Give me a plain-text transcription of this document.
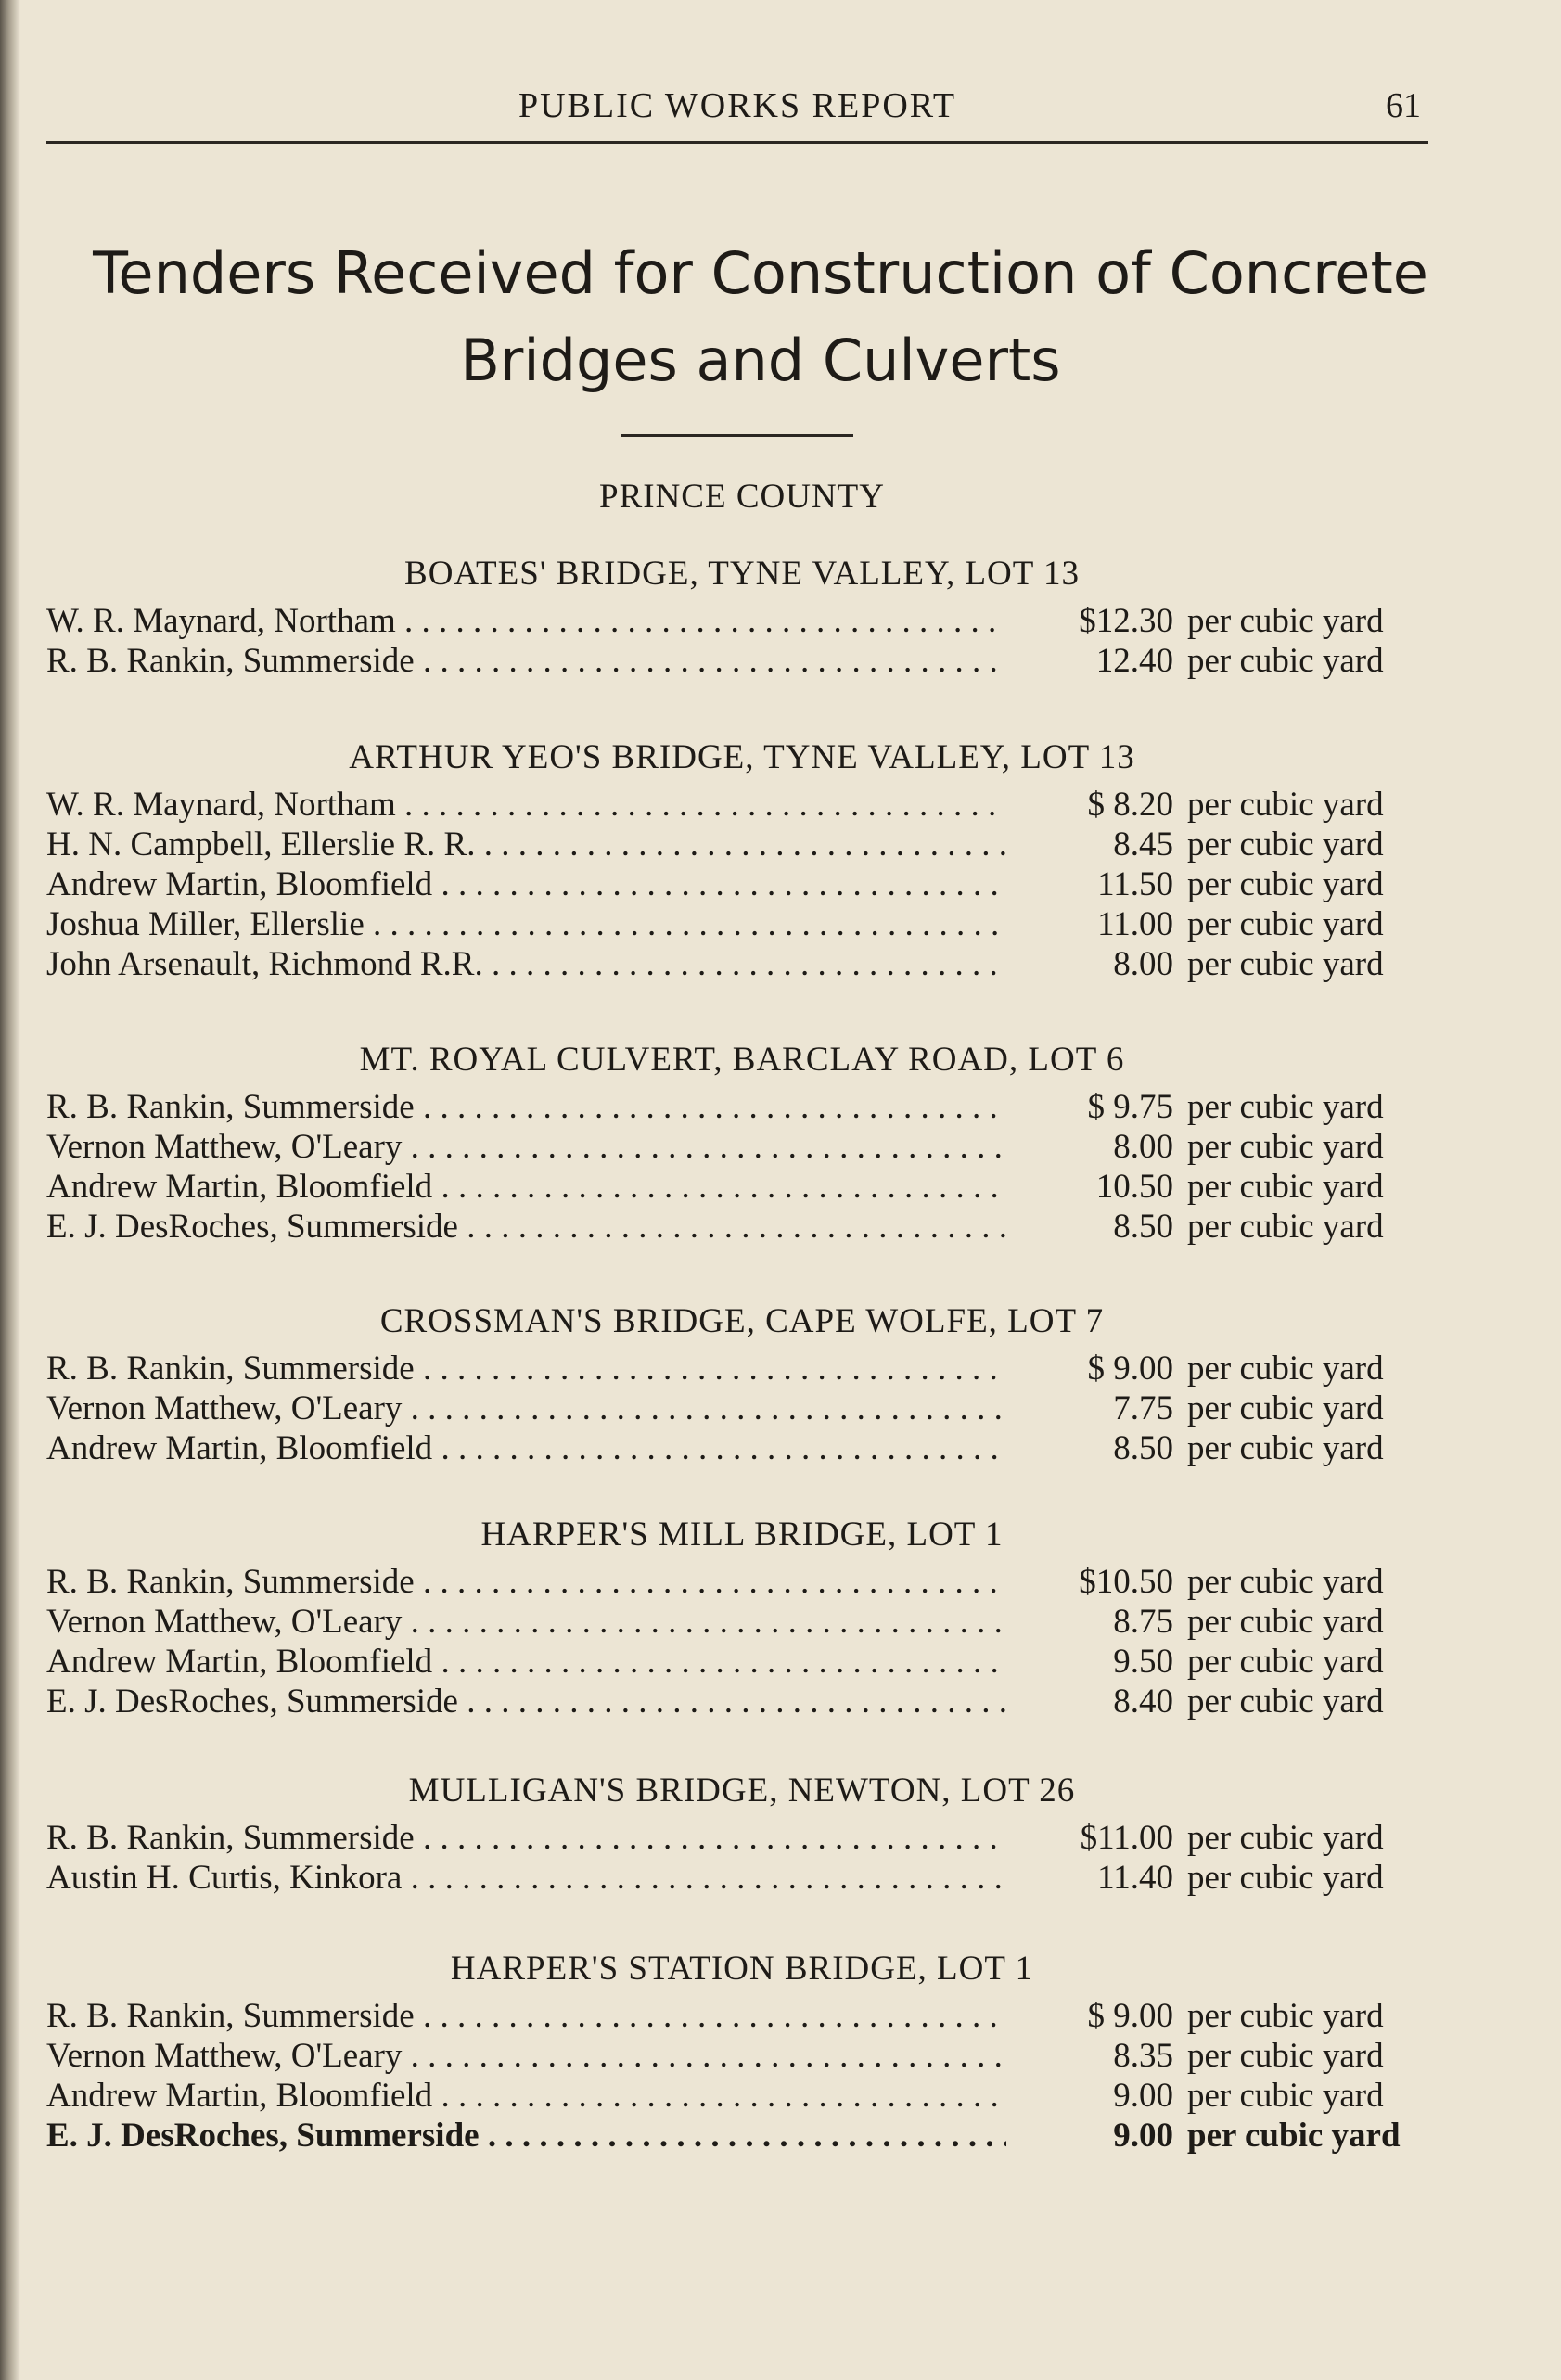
PUBLIC WORKS REPORT	61
Tenders Received for Construction of Concrete Bridges and Culverts
PRINCE COUNTY
BOATES' BRIDGE, TYNE VALLEY, LOT 13
W. R. Maynard, Northam . . .	$12.30 per cubic yard
R. B. Rankin, Summerside . . .	12.40 per cubic yard
ARTHUR YEO'S BRIDGE, TYNE VALLEY, LOT 13
W. R. Maynard, Northam . . .	$ 8.20 per cubic yard
H. N. Campbell, Ellerslie R. R. . . .	8.45 per cubic yard
Andrew Martin, Bloomfield . . .	11.50 per cubic yard
Joshua Miller, Ellerslie . . .	11.00 per cubic yard
John Arsenault, Richmond R.R. . . .	8.00 per cubic yard
MT. ROYAL CULVERT, BARCLAY ROAD, LOT 6
R. B. Rankin, Summerside . . .	$ 9.75 per cubic yard
Vernon Matthew, O'Leary . . .	8.00 per cubic yard
Andrew Martin, Bloomfield . . .	10.50 per cubic yard
E. J. DesRoches, Summerside . . .	8.50 per cubic yard
CROSSMAN'S BRIDGE, CAPE WOLFE, LOT 7
R. B. Rankin, Summerside . . .	$ 9.00 per cubic yard
Vernon Matthew, O'Leary . . .	7.75 per cubic yard
Andrew Martin, Bloomfield . . .	8.50 per cubic yard
HARPER'S MILL BRIDGE, LOT 1
R. B. Rankin, Summerside . . .	$10.50 per cubic yard
Vernon Matthew, O'Leary . . .	8.75 per cubic yard
Andrew Martin, Bloomfield . . .	9.50 per cubic yard
E. J. DesRoches, Summerside . . .	8.40 per cubic yard
MULLIGAN'S BRIDGE, NEWTON, LOT 26
R. B. Rankin, Summerside . . .	$11.00 per cubic yard
Austin H. Curtis, Kinkora . . .	11.40 per cubic yard
HARPER'S STATION BRIDGE, LOT 1
R. B. Rankin, Summerside . . .	$ 9.00 per cubic yard
Vernon Matthew, O'Leary . . .	8.35 per cubic yard
Andrew Martin, Bloomfield . . .	9.00 per cubic yard
E. J. DesRoches, Summerside . . .	9.00 per cubic yard
